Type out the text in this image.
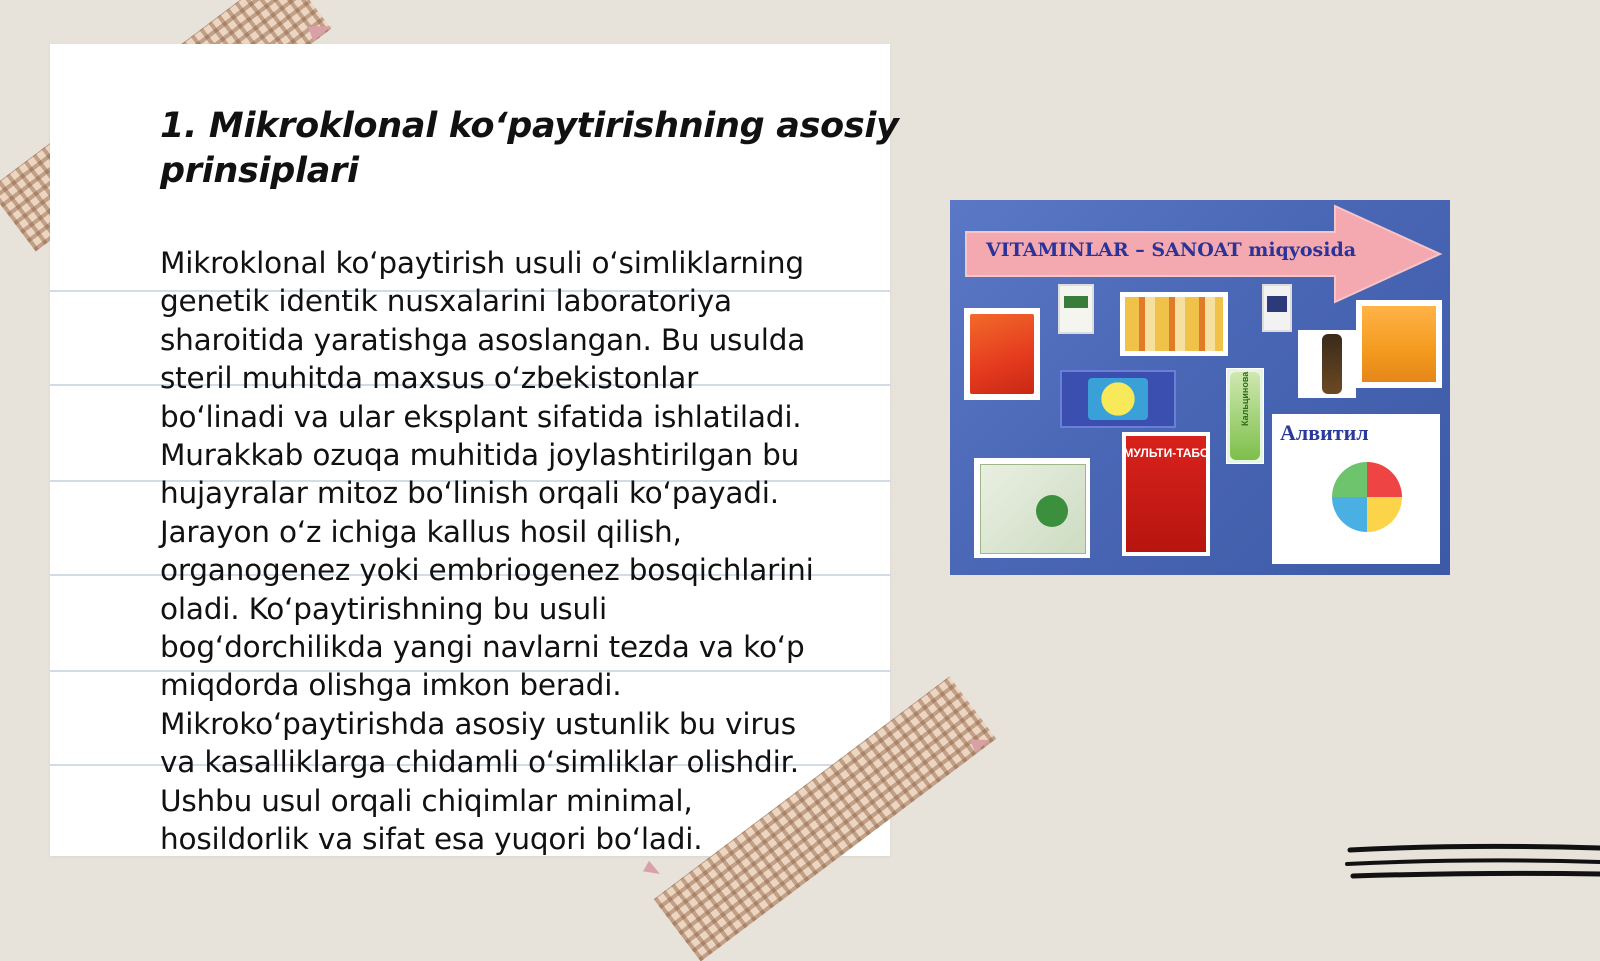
1. Mikroklonal ko‘paytirishning asosiy
prinsiplari
Mikroklonal ko‘paytirish usuli o‘simliklarning
genetik identik nusxalarini laboratoriya
sharoitida yaratishga asoslangan. Bu usulda
steril muhitda maxsus o‘zbekistonlar
bo‘linadi va ular eksplant sifatida ishlatiladi.
Murakkab ozuqa muhitida joylashtirilgan bu
hujayralar mitoz bo‘linish orqali ko‘payadi.
Jarayon o‘z ichiga kallus hosil qilish,
organogenez yoki embriogenez bosqichlarini
oladi. Ko‘paytirishning bu usuli
bog‘dorchilikda yangi navlarni tezda va ko‘p
miqdorda olishga imkon beradi.
Mikroko‘paytirishda asosiy ustunlik bu virus
va kasalliklarga chidamli o‘simliklar olishdir.
Ushbu usul orqali chiqimlar minimal,
hosildorlik va sifat esa yuqori bo‘ladi.
VITAMINLAR – SANOAT miqyosida
Кальцинова
МУЛЬТИ-ТАБС
Алвитил
